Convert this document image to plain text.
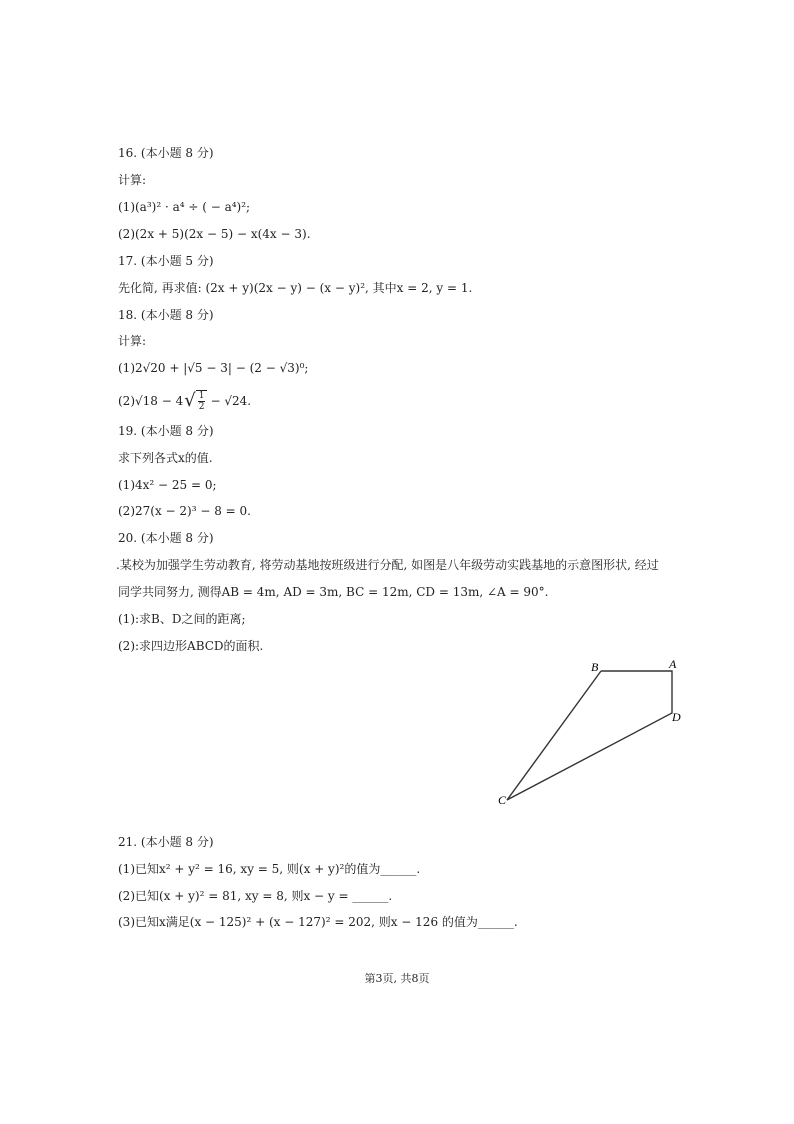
16. (本小题 8 分)
计算:
(1)(a³)² · a⁴ ÷ ( − a⁴)²;
(2)(2x + 5)(2x − 5) − x(4x − 3).
17. (本小题 5 分)
先化简, 再求值: (2x + y)(2x − y) − (x − y)², 其中x = 2, y = 1.
18. (本小题 8 分)
计算:
(1)2√20 + |√5 − 3| − (2 − √3)⁰;
(2)√18 − 4 √ $\frac{1}{2} - √24$.
19. (本小题 8 分)
求下列各式x的值.
(1)4x² − 25 = 0;
(2)27(x − 2)³ − 8 = 0.
20. (本小题 8 分)
.某校为加强学生劳动教育, 将劳动基地按班级进行分配, 如图是八年级劳动实践基地的示意图形状, 经过
同学共同努力, 测得AB = 4m, AD = 3m, BC = 12m, CD = 13m, ∠A = 90°.
(1):求B、D之间的距离;
(2):求四边形ABCD的面积.
B	A
D
C
21. (本小题 8 分)
(1)已知x² + y² = 16, xy = 5, 则(x + y)²的值为______.
(2)已知(x + y)² = 81, xy = 8, 则x − y = ______.
(3)已知x满足(x − 125)² + (x − 127)² = 202, 则x − 126 的值为______.
第3页, 共8页
